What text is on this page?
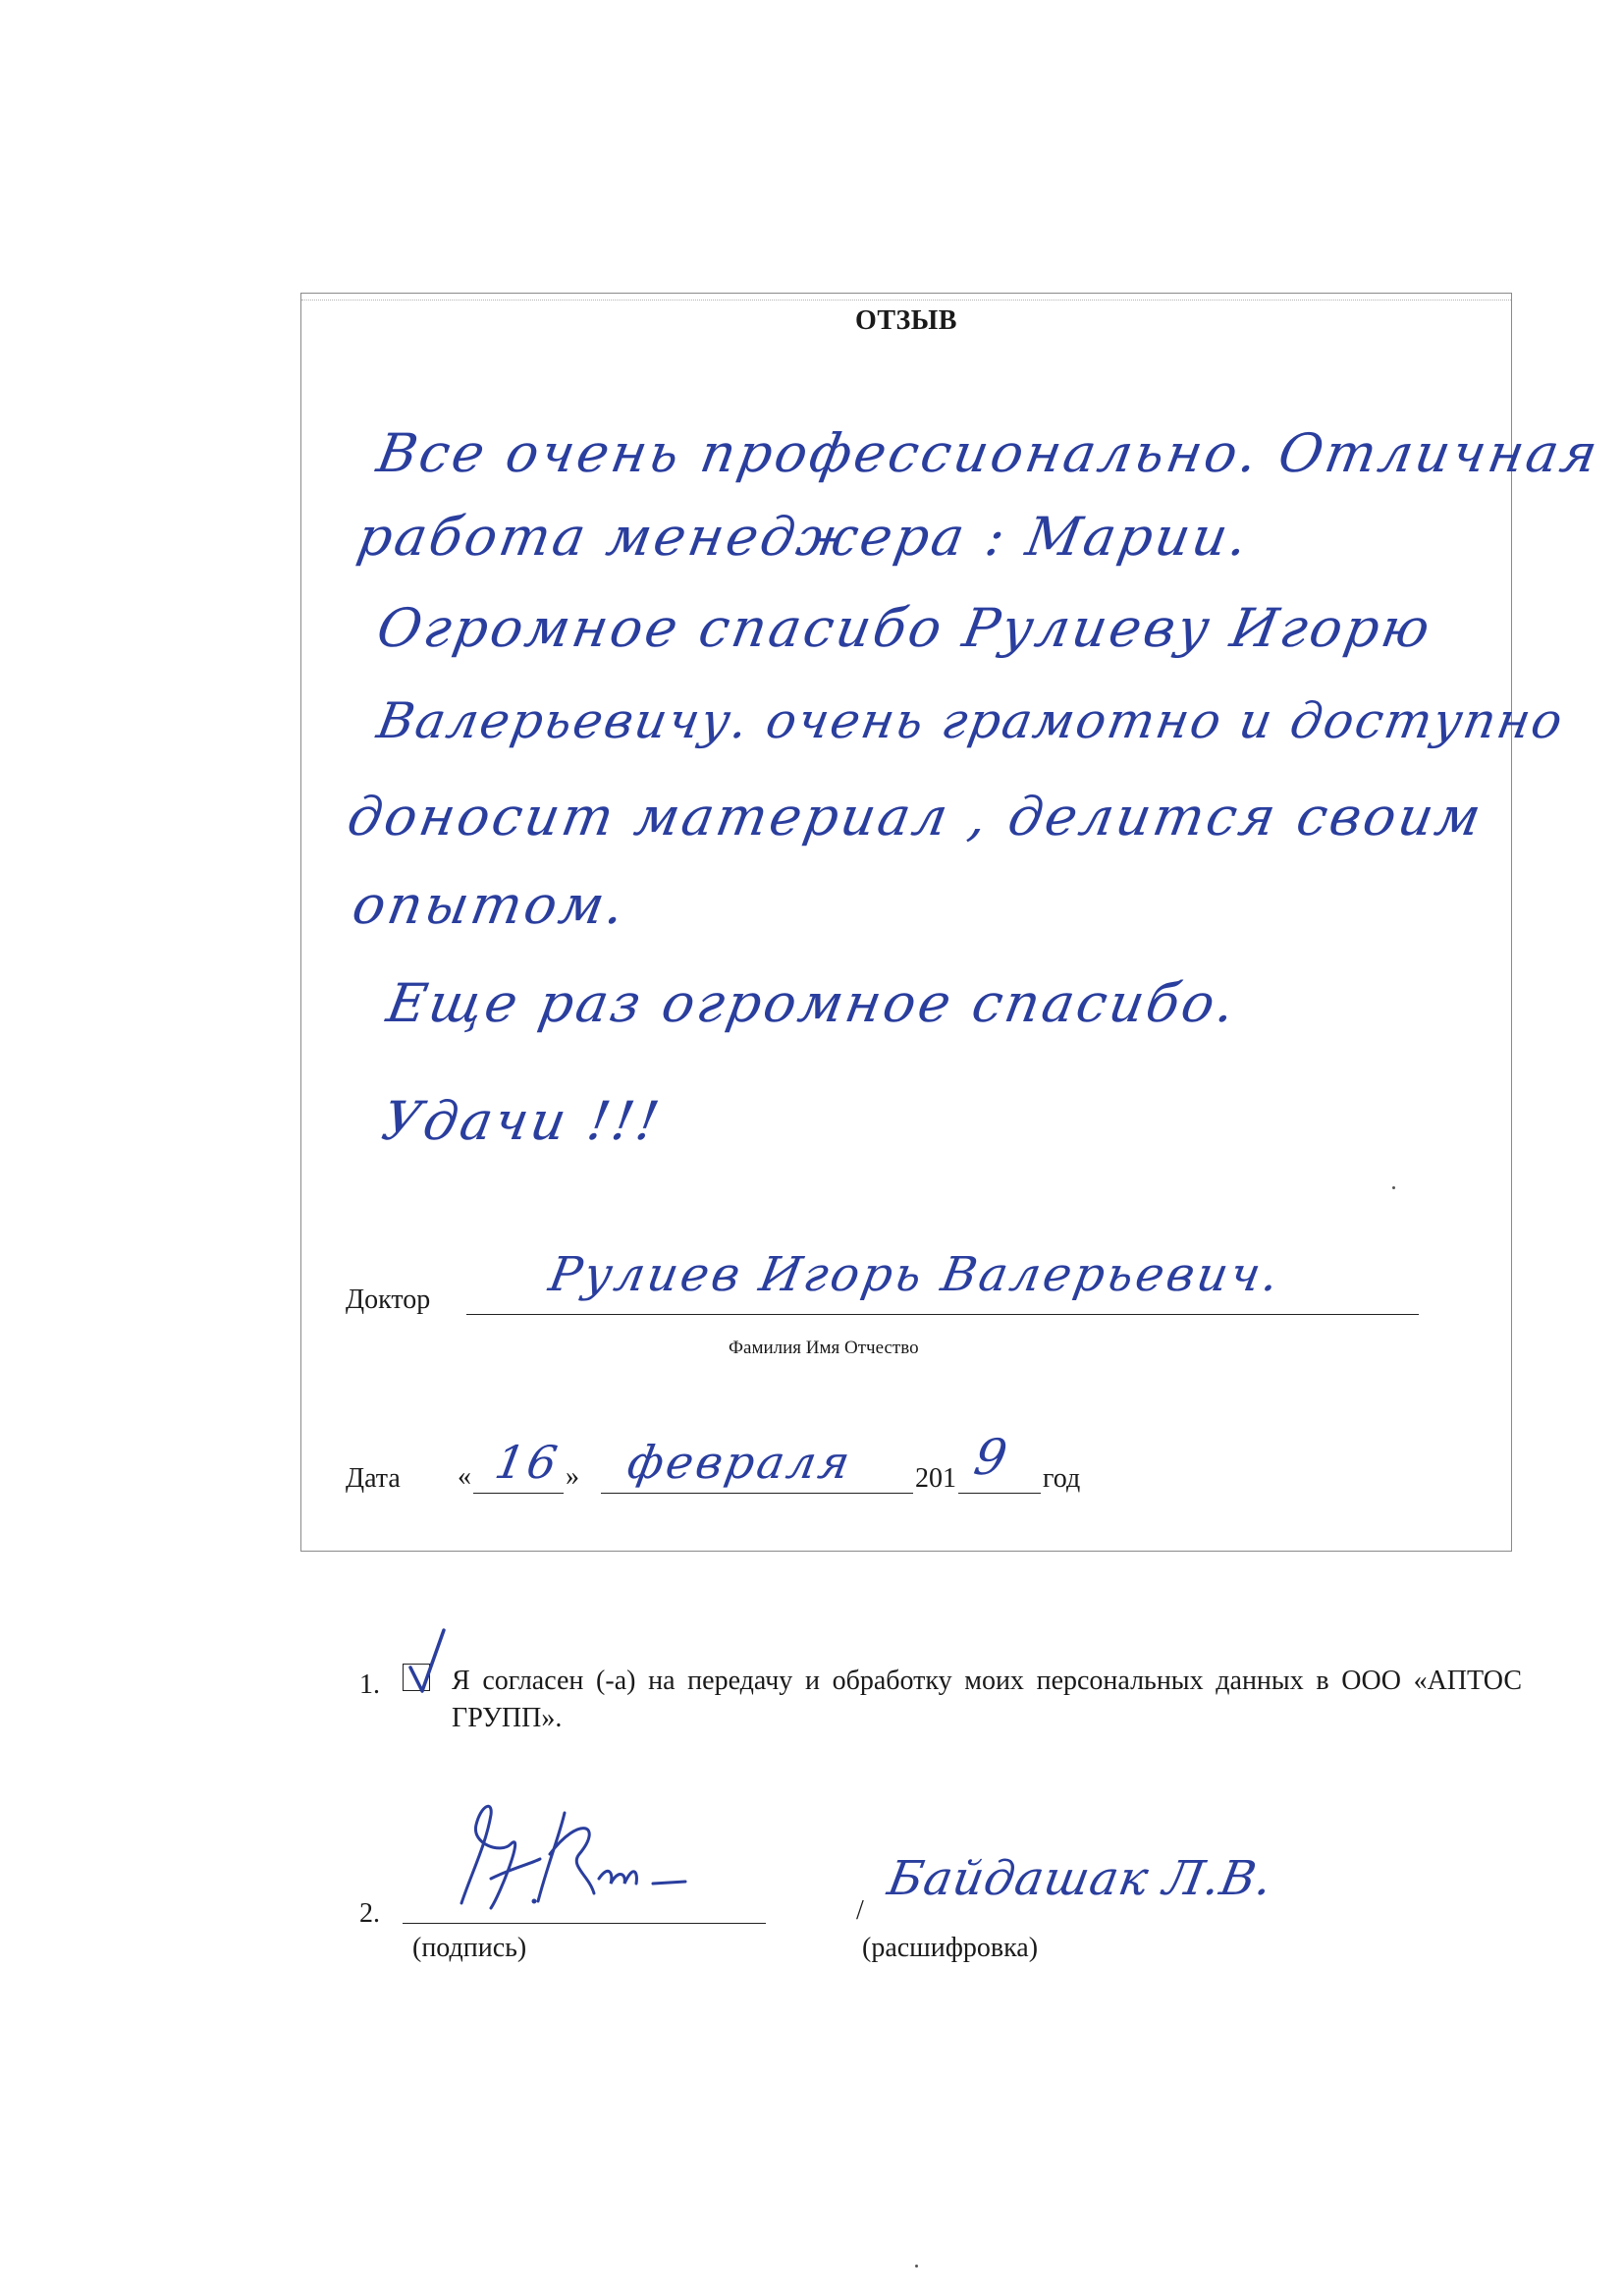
ОТЗЫВ
Все очень профессионально. Отличная
работа менеджера : Марии.
Огромное спасибо Рулиеву Игорю
Валерьевичу. очень грамотно и доступно
доносит материал , делится своим
опытом.
Еще раз огромное спасибо.
Удачи !!!
Доктор Рулиев Игорь Валерьевич.
Фамилия Имя Отчество
Дата « 16 » февраля 201 9 год
1.	Я согласен (-а) на передачу и обработку моих персональных данных в ООО «АПТОС ГРУПП».
2.
(подпись)
/
Байдашак Л.В.
(расшифровка)
